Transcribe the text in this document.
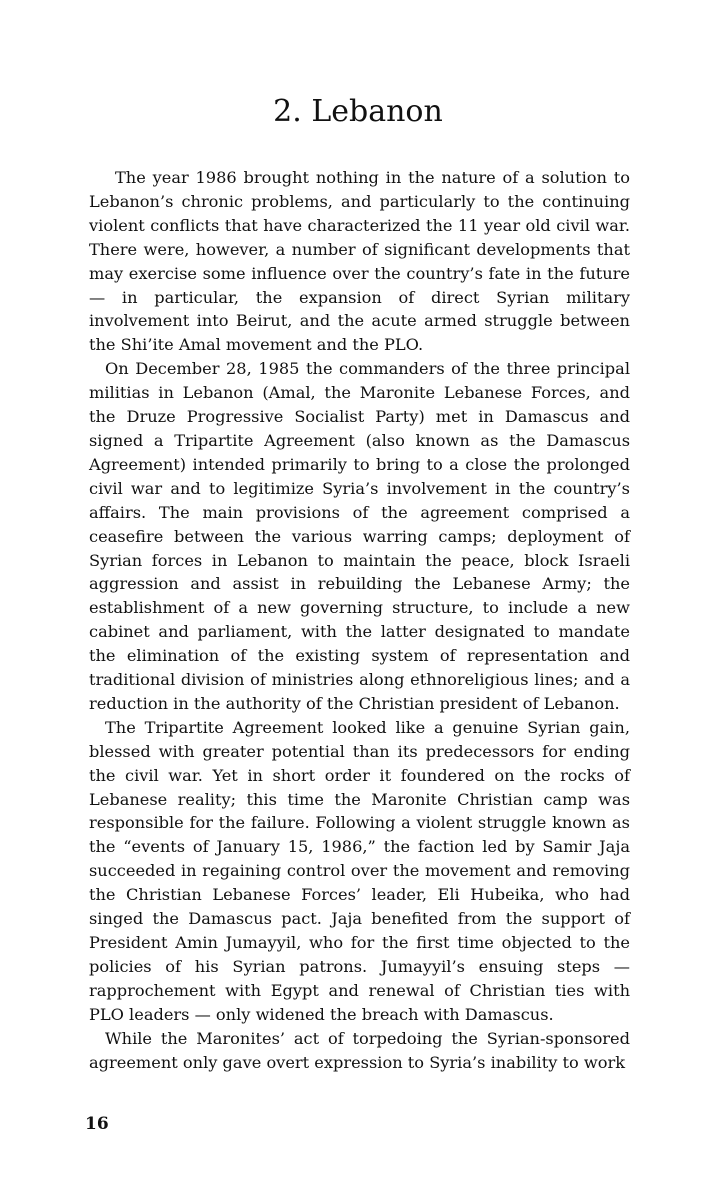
2. Lebanon

The year 1986 brought nothing in the nature of a solution to Lebanon’s chronic problems, and particularly to the continuing violent conflicts that have characterized the 11 year old civil war. There were, however, a number of significant developments that may exercise some influence over the country’s fate in the future — in particular, the expansion of direct Syrian military involvement into Beirut, and the acute armed struggle between the Shi’ite Amal movement and the PLO.

On December 28, 1985 the commanders of the three principal militias in Lebanon (Amal, the Maronite Lebanese Forces, and the Druze Progressive Socialist Party) met in Damascus and signed a Tripartite Agreement (also known as the Damascus Agreement) intended primarily to bring to a close the prolonged civil war and to legitimize Syria’s involvement in the country’s affairs. The main provisions of the agreement comprised a ceasefire between the various warring camps; deployment of Syrian forces in Lebanon to maintain the peace, block Israeli aggression and assist in rebuilding the Lebanese Army; the establishment of a new governing structure, to include a new cabinet and parliament, with the latter designated to mandate the elimination of the existing system of representation and traditional division of ministries along ethnoreligious lines; and a reduction in the authority of the Christian president of Lebanon.

The Tripartite Agreement looked like a genuine Syrian gain, blessed with greater potential than its predecessors for ending the civil war. Yet in short order it foundered on the rocks of Lebanese reality; this time the Maronite Christian camp was responsible for the failure. Following a violent struggle known as the “events of January 15, 1986,” the faction led by Samir Jaja succeeded in regaining control over the movement and removing the Christian Lebanese Forces’ leader, Eli Hubeika, who had singed the Damascus pact. Jaja benefited from the support of President Amin Jumayyil, who for the first time objected to the policies of his Syrian patrons. Jumayyil’s ensuing steps — rapprochement with Egypt and renewal of Christian ties with PLO leaders — only widened the breach with Damascus.

While the Maronites’ act of torpedoing the Syrian-sponsored agreement only gave overt expression to Syria’s inability to work

16
